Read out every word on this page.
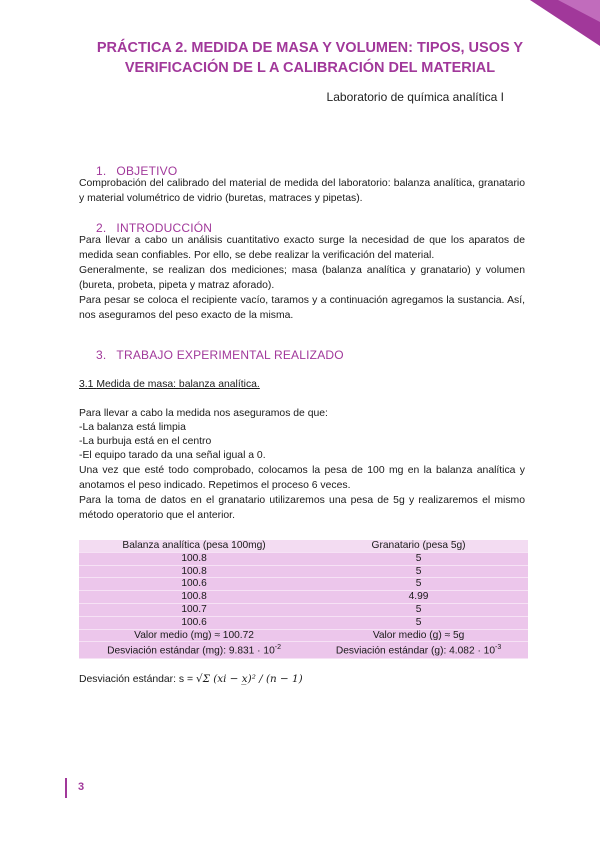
PRÁCTICA 2. MEDIDA DE MASA Y VOLUMEN: TIPOS, USOS Y
VERIFICACIÓN DE L A CALIBRACIÓN DEL MATERIAL
Laboratorio de química analítica I
1. OBJETIVO
Comprobación del calibrado del material de medida del laboratorio: balanza analítica, granatario y material volumétrico de vidrio (buretas, matraces y pipetas).
2. INTRODUCCIÓN
Para llevar a cabo un análisis cuantitativo exacto surge la necesidad de que los aparatos de medida sean confiables. Por ello, se debe realizar la verificación del material.
Generalmente, se realizan dos mediciones; masa (balanza analítica y granatario) y volumen (bureta, probeta, pipeta y matraz aforado).
Para pesar se coloca el recipiente vacío, taramos y a continuación agregamos la sustancia. Así, nos aseguramos del peso exacto de la misma.
3. TRABAJO EXPERIMENTAL REALIZADO
3.1 Medida de masa: balanza analítica.
Para llevar a cabo la medida nos aseguramos de que:
-La balanza está limpia
-La burbuja está en el centro
-El equipo tarado da una señal igual a 0.
Una vez que esté todo comprobado, colocamos la pesa de 100 mg en la balanza analítica y anotamos el peso indicado. Repetimos el proceso 6 veces.
Para la toma de datos en el granatario utilizaremos una pesa de 5g y realizaremos el mismo método operatorio que el anterior.
Balanza analítica (pesa 100mg)	Granatario (pesa 5g)
100.8	5
100.8	5
100.6	5
100.8	4.99
100.7	5
100.6	5
Valor medio (mg) ≈ 100.72	Valor medio (g) ≈ 5g
Desviación estándar (mg): $9.831 \cdot 10^{-2}$	Desviación estándar (g): $4.082 \cdot 10^{-3}$
Desviación estándar: s = √Σ (xi − x̲)² / (n − 1)
3
